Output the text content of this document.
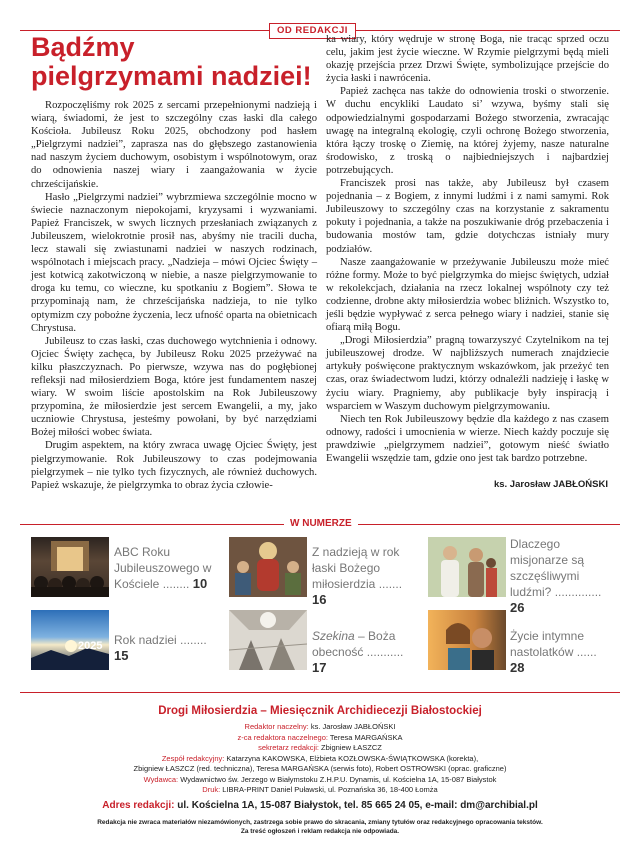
OD REDAKCJI
Bądźmy
pielgrzymami nadziei!

Rozpoczęliśmy rok 2025 z sercami przepełnionymi nadzieją i wiarą, świadomi, że jest to szczególny czas łaski dla całego Kościoła. Jubileusz Roku 2025, obchodzony pod hasłem „Pielgrzymi nadziei”, zaprasza nas do głębszego zastanowienia nad naszym życiem duchowym, osobistym i wspólnotowym, oraz do odnowienia naszej wiary i zaangażowania w życie chrześcijańskie.

Hasło „Pielgrzymi nadziei” wybrzmiewa szczególnie mocno w świecie naznaczonym niepokojami, kryzysami i wyzwaniami. Papież Franciszek, w swych licznych przesłaniach związanych z Jubileuszem, wielokrotnie prosił nas, abyśmy nie tracili ducha, lecz stawali się zwiastunami nadziei w naszych rodzinach, wspólnotach i miejscach pracy. „Nadzieja – mówi Ojciec Święty – jest kotwicą zakotwiczoną w niebie, a nasze pielgrzymowanie to droga ku temu, co wieczne, ku spotkaniu z Bogiem”. Słowa te przypominają nam, że chrześcijańska nadzieja, to nie tylko optymizm czy pobożne życzenia, lecz ufność oparta na obietnicach Chrystusa.

Jubileusz to czas łaski, czas duchowego wytchnienia i odnowy. Ojciec Święty zachęca, by Jubileusz Roku 2025 przeżywać na kilku płaszczyznach. Po pierwsze, wzywa nas do pogłębionej refleksji nad miłosierdziem Boga, które jest fundamentem naszej wiary. W swoim liście apostolskim na Rok Jubileuszowy przypomina, że miłosierdzie jest sercem Ewangelii, a my, jako uczniowie Chrystusa, jesteśmy powołani, by być narzędziami Bożej miłości wobec świata.

Drugim aspektem, na który zwraca uwagę Ojciec Święty, jest pielgrzymowanie. Rok Jubileuszowy to czas podejmowania pielgrzymek – nie tylko tych fizycznych, ale również duchowych. Papież wskazuje, że pielgrzymka to obraz życia człowie-

ka wiary, który wędruje w stronę Boga, nie tracąc sprzed oczu celu, jakim jest życie wieczne. W Rzymie pielgrzymi będą mieli okazję przejścia przez Drzwi Święte, symbolizujące przejście do życia łaski i nawrócenia.

Papież zachęca nas także do odnowienia troski o stworzenie. W duchu encykliki Laudato si’ wzywa, byśmy stali się odpowiedzialnymi gospodarzami Bożego stworzenia, zwracając uwagę na integralną ekologię, czyli ochronę Bożego stworzenia, która łączy troskę o Ziemię, na której żyjemy, nasze naturalne środowisko, z troską o najbiedniejszych i najbardziej potrzebujących.

Franciszek prosi nas także, aby Jubileusz był czasem pojednania – z Bogiem, z innymi ludźmi i z nami samymi. Rok Jubileuszowy to szczególny czas na korzystanie z sakramentu pokuty i pojednania, a także na poszukiwanie dróg przebaczenia i budowania mostów tam, gdzie dotychczas istniały mury podziałów.

Nasze zaangażowanie w przeżywanie Jubileuszu może mieć różne formy. Może to być pielgrzymka do miejsc świętych, udział w rekolekcjach, działania na rzecz lokalnej wspólnoty czy też codzienne, drobne akty miłosierdzia wobec bliźnich. Wszystko to, jeśli będzie wypływać z serca pełnego wiary i nadziei, stanie się ofiarą miłą Bogu.

„Drogi Miłosierdzia” pragną towarzyszyć Czytelnikom na tej jubileuszowej drodze. W najbliższych numerach znajdziecie artykuły poświęcone praktycznym wskazówkom, jak przeżyć ten czas, oraz świadectwom ludzi, którzy odnaleźli nadzieję i łaskę w życiu wiary. Pragniemy, aby publikacje były inspiracją i wsparciem w Waszym duchowym pielgrzymowaniu.

Niech ten Rok Jubileuszowy będzie dla każdego z nas czasem odnowy, radości i umocnienia w wierze. Niech każdy poczuje się prawdziwie „pielgrzymem nadziei”, gotowym nieść światło Ewangelii wszędzie tam, gdzie ono jest tak bardzo potrzebne.

ks. Jarosław JABŁOŃSKI
W NUMERZE
2025
ABC Roku Jubileuszowego w Kościele ........ 10
Z nadzieją w rok łaski Bożego miłosierdzia ....... 16
Dlaczego misjonarze są szczęśliwymi ludźmi? .............. 26
Rok nadziei ........ 15
Szekina – Boża obecność ........... 17
Życie intymne nastolatków ...... 28
Drogi Miłosierdzia – Miesięcznik Archidiecezji Białostockiej
Redaktor naczelny: ks. Jarosław JABŁOŃSKI
z-ca redaktora naczelnego: Teresa MARGAŃSKA
sekretarz redakcji: Zbigniew ŁASZCZ
Zespół redakcyjny: Katarzyna KAKOWSKA, Elżbieta KOZŁOWSKA-ŚWIĄTKOWSKA (korekta),
Zbigniew ŁASZCZ (red. techniczna), Teresa MARGAŃSKA (serwis foto), Robert OSTROWSKI (oprac. graficzne)
Wydawca: Wydawnictwo św. Jerzego w Białymstoku Z.H.P.U. Dynamis, ul. Kościelna 1A, 15-087 Białystok
Druk: LIBRA-PRINT Daniel Puławski, ul. Poznańska 36, 18-400 Łomża
Adres redakcji: ul. Kościelna 1A, 15-087 Białystok, tel. 85 665 24 05, e-mail: dm@archibial.pl
Redakcja nie zwraca materiałów niezamówionych, zastrzega sobie prawo do skracania, zmiany tytułów oraz redakcyjnego opracowania tekstów.
Za treść ogłoszeń i reklam redakcja nie odpowiada.
